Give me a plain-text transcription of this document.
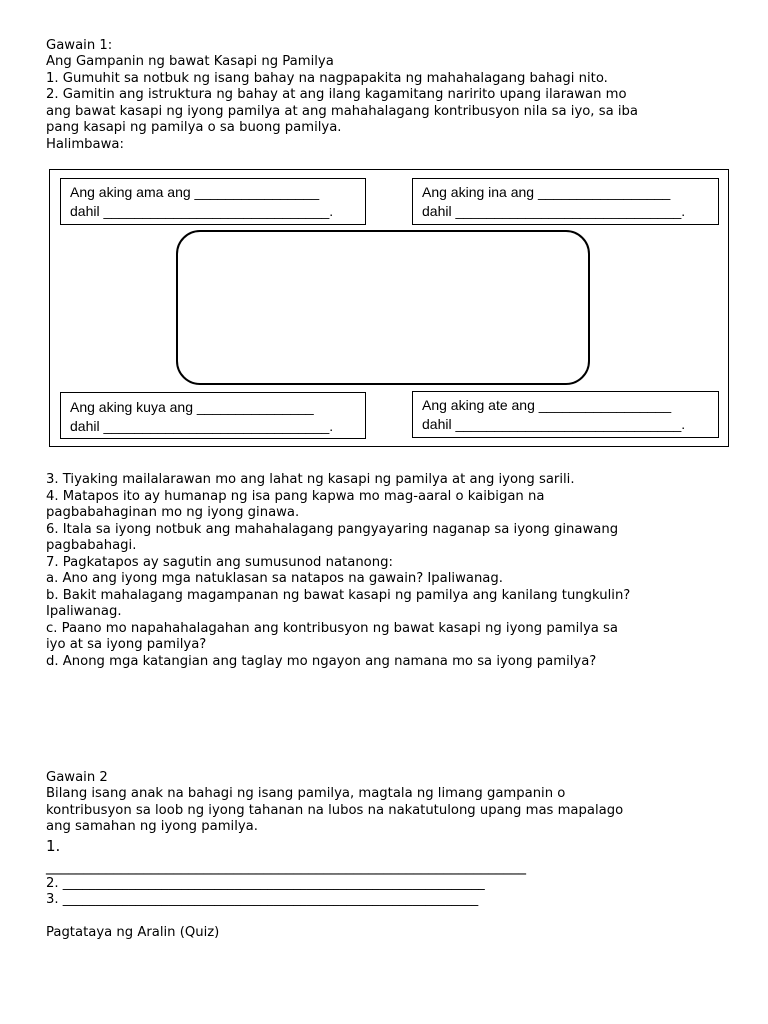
Gawain 1:
Ang Gampanin ng bawat Kasapi ng Pamilya
1. Gumuhit sa notbuk ng isang bahay na nagpapakita ng mahahalagang bahagi nito.
2. Gamitin ang istruktura ng bahay at ang ilang kagamitang naririto upang ilarawan mo
ang bawat kasapi ng iyong pamilya at ang mahahalagang kontribusyon nila sa iyo, sa iba
pang kasapi ng pamilya o sa buong pamilya.
Halimbawa:
Ang aking ama ang ________________
dahil _____________________________.
Ang aking ina ang _________________
dahil _____________________________.
Ang aking kuya ang _______________
dahil _____________________________.
Ang aking ate ang _________________
dahil _____________________________.
3. Tiyaking mailalarawan mo ang lahat ng kasapi ng pamilya at ang iyong sarili.
4. Matapos ito ay humanap ng isa pang kapwa mo mag-aaral o kaibigan na
pagbabahaginan mo ng iyong ginawa.
6. Itala sa iyong notbuk ang mahahalagang pangyayaring naganap sa iyong ginawang
pagbabahagi.
7. Pagkatapos ay sagutin ang sumusunod natanong:
a. Ano ang iyong mga natuklasan sa natapos na gawain? Ipaliwanag.
b. Bakit mahalagang magampanan ng bawat kasapi ng pamilya ang kanilang tungkulin?
Ipaliwanag.
c. Paano mo napahahalagahan ang kontribusyon ng bawat kasapi ng iyong pamilya sa
iyo at sa iyong pamilya?
d. Anong mga katangian ang taglay mo ngayon ang namana mo sa iyong pamilya?
Gawain 2
Bilang isang anak na bahagi ng isang pamilya, magtala ng limang gampanin o
kontribusyon sa loob ng iyong tahanan na lubos na nakatutulong upang mas mapalago
ang samahan ng iyong pamilya.
1.
________________________________________________________________
2. ________________________________________________________________
3. _______________________________________________________________
Pagtataya ng Aralin (Quiz)
